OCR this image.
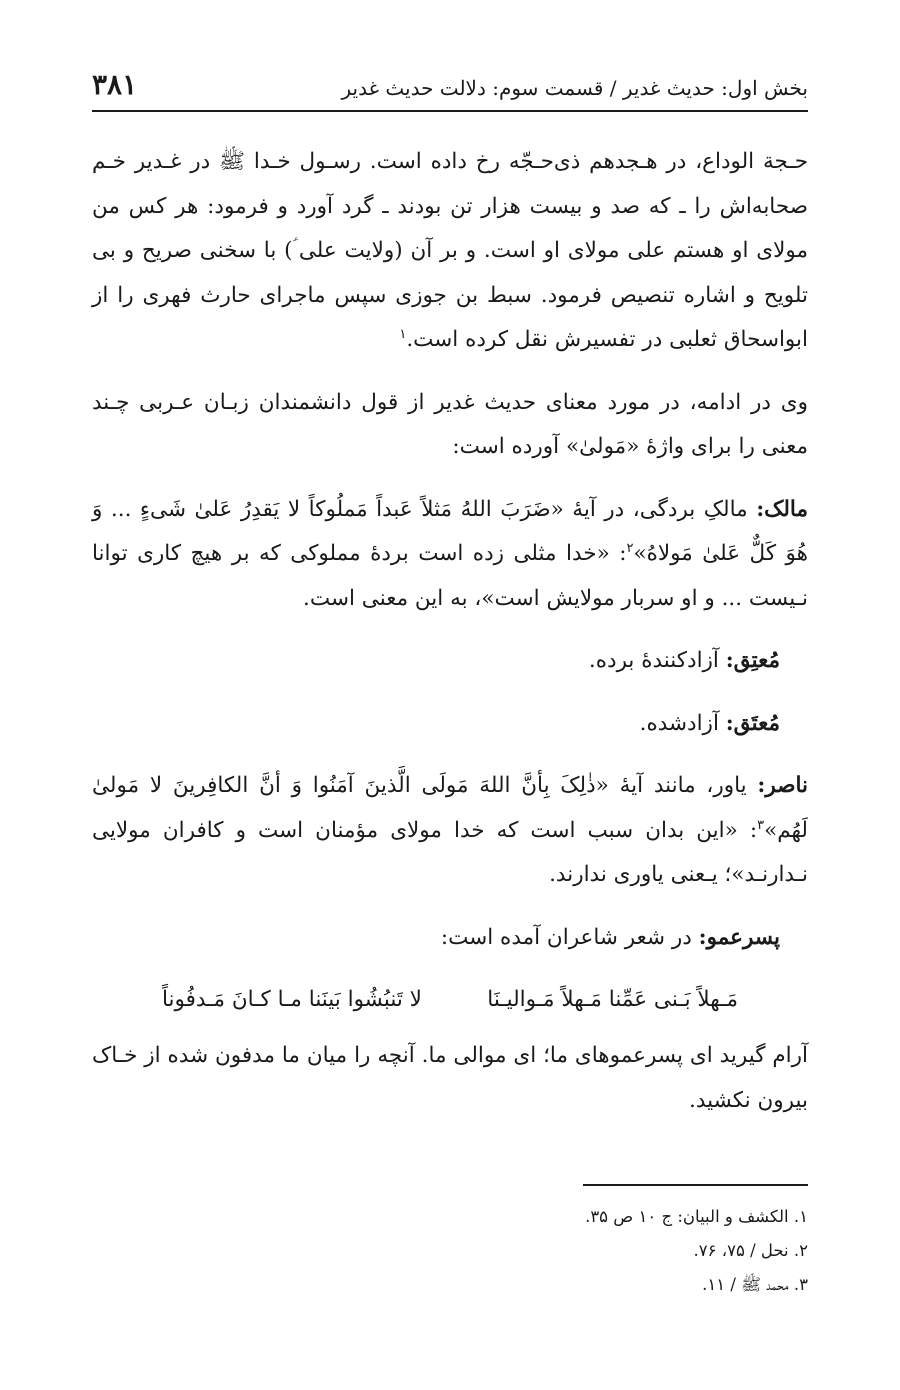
بخش اول: حدیث غدیر / قسمت سوم: دلالت حدیث غدیر
۳۸۱

حـجة الوداع، در هـجدهم ذی‌حـجّه رخ داده است. رسـول خـدا ﷺ در غـدیر خـم صحابه‌اش را ـ که صد و بیست هزار تن بودند ـ گرد آورد و فرمود: هر کس من مولای او هستم علی مولای او است. و بر آن (ولایت علی ؑ) با سخنی صریح و بی تلویح و اشاره تنصیص فرمود. سبط بن جوزی سپس ماجرای حارث فهری را از ابواسحاق ثعلبی در تفسیرش نقل کرده است.$^۱$

وی در ادامه، در مورد معنای حدیث غدیر از قول دانشمندان زبـان عـربی چـند معنی را برای واژهٔ «مَولیٰ» آورده است:

مالک: مالکِ بردگی، در آیهٔ «ضَرَبَ اللهُ مَثلاً عَبداً مَملُوکاً لا یَقدِرُ عَلیٰ شَیءٍ ... وَ هُوَ کَلٌّ عَلیٰ مَولاهُ»$^۲$: «خدا مثلی زده است بردهٔ مملوکی که بر هیچ کاری توانا نـیست ... و او سربار مولایش است»، به این معنی است.

مُعتِق: آزادکنندهٔ برده.

مُعتَق: آزادشده.

ناصر: یاور، مانند آیهٔ «ذٰلِکَ بِأنَّ اللهَ مَولَی الَّذینَ آمَنُوا وَ أنَّ الکافِرینَ لا مَولیٰ لَهُم»$^۳$: «این بدان سبب است که خدا مولای مؤمنان است و کافران مولایی نـدارنـد»؛ یـعنی یاوری ندارند.

پسرعمو: در شعر شاعران آمده است:

مَـهلاً بَـنی عَمِّنا مَـهلاً مَـوالیـنَا
لا تَنبُشُوا بَینَنا مـا کـانَ مَـدفُوناً

آرام گیرید ای پسرعموهای ما؛ ای موالی ما. آنچه را میان ما مدفون شده از خـاک بیرون نکشید.

۱. الکشف و البیان: ج ۱۰ ص ۳۵.
۲. نحل / ۷۵، ۷۶.
۳. محمد ﷺ / ۱۱.
